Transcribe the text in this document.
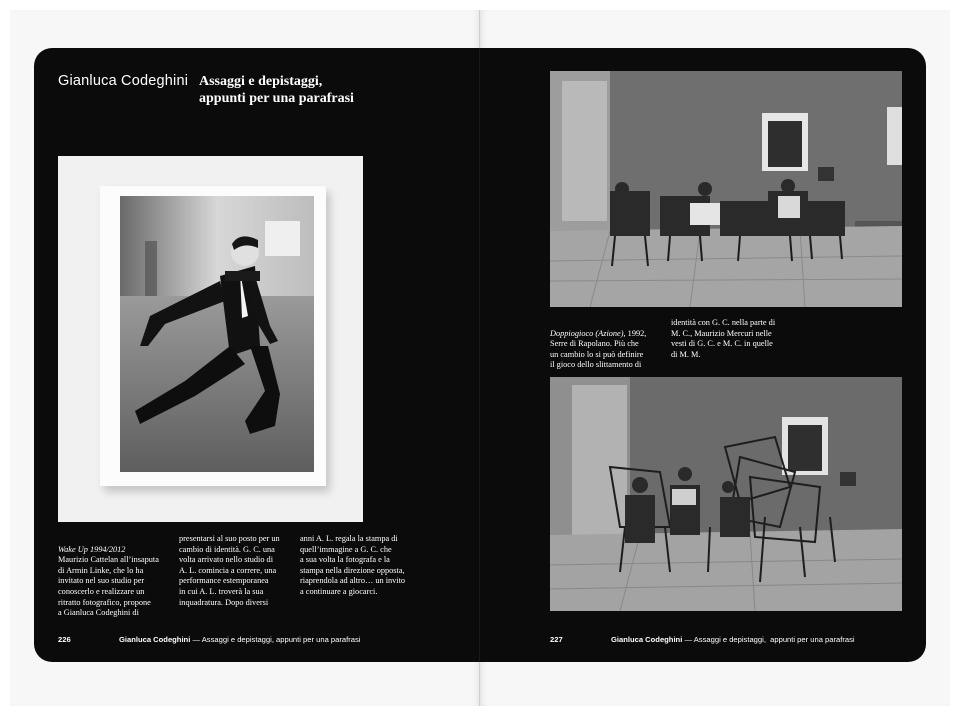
Gianluca Codeghini Assaggi e depistaggi,
appunti per una parafrasi

Wake Up 1994/2012

Maurizio Cattelan all’insaputa
di Armin Linke, che lo ha
invitato nel suo studio per
conoscerlo e realizzare un
ritratto fotografico, propone
a Gianluca Codeghini di

presentarsi al suo posto per un
cambio di identità. G. C. una
volta arrivato nello studio di
A. L. comincia a correre, una
performance estemporanea
in cui A. L. troverà la sua
inquadratura. Dopo diversi
anni A. L. regala la stampa di
quell’immagine a G. C. che
a sua volta la fotografa e la
stampa nella direzione opposta,
riaprendola ad altro… un invito
a continuare a giocarci.
226	Gianluca Codeghini — Assaggi e depistaggi, appunti per una parafrasi

Doppiogioco (Azione), 1992,

Serre di Rapolano. Più che
un cambio lo si può definire
il gioco dello slittamento di

identità con G. C. nella parte di
M. C., Maurizio Mercuri nelle
vesti di G. C. e M. C. in quelle
di M. M.
227	Gianluca Codeghini — Assaggi e depistaggi,  appunti per una parafrasi
